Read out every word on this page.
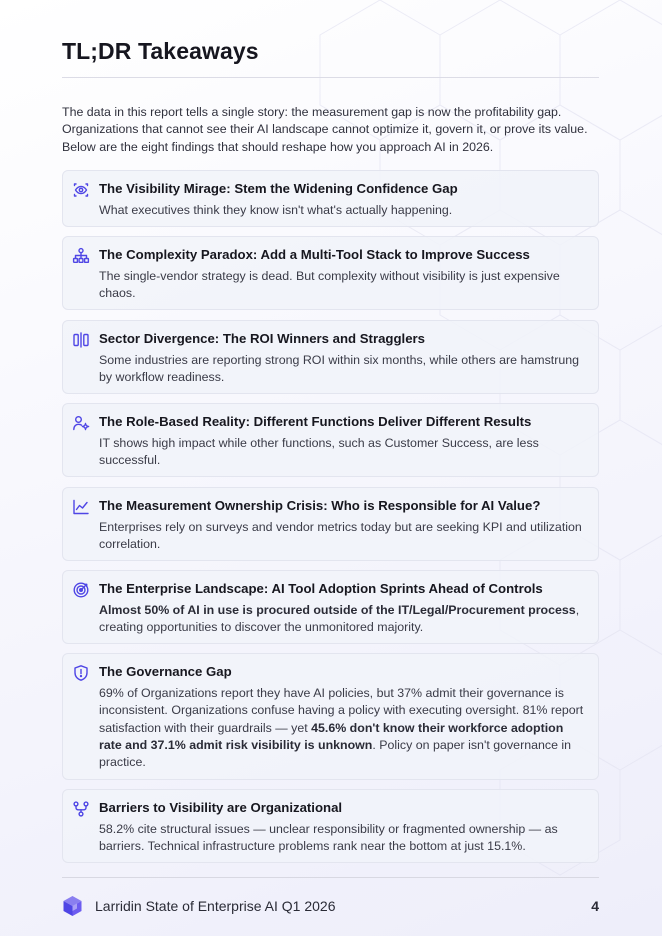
TL;DR Takeaways

The data in this report tells a single story: the measurement gap is now the profitability gap. Organizations that cannot see their AI landscape cannot optimize it, govern it, or prove its value. Below are the eight findings that should reshape how you approach AI in 2026.

The Visibility Mirage: Stem the Widening Confidence Gap

What executives think they know isn't what's actually happening.

The Complexity Paradox: Add a Multi-Tool Stack to Improve Success

The single-vendor strategy is dead. But complexity without visibility is just expensive chaos.

Sector Divergence: The ROI Winners and Stragglers

Some industries are reporting strong ROI within six months, while others are hamstrung by workflow readiness.

The Role-Based Reality: Different Functions Deliver Different Results

IT shows high impact while other functions, such as Customer Success, are less successful.

The Measurement Ownership Crisis: Who is Responsible for AI Value?

Enterprises rely on surveys and vendor metrics today but are seeking KPI and utilization correlation.

The Enterprise Landscape: AI Tool Adoption Sprints Ahead of Controls

Almost 50% of AI in use is procured outside of the IT/Legal/Procurement process, creating opportunities to discover the unmonitored majority.

The Governance Gap

69% of Organizations report they have AI policies, but 37% admit their governance is inconsistent. Organizations confuse having a policy with executing oversight. 81% report satisfaction with their guardrails — yet 45.6% don't know their workforce adoption rate and 37.1% admit risk visibility is unknown. Policy on paper isn't governance in practice.

Barriers to Visibility are Organizational

58.2% cite structural issues — unclear responsibility or fragmented ownership — as barriers. Technical infrastructure problems rank near the bottom at just 15.1%.

Larridin State of Enterprise AI Q1 2026	4
